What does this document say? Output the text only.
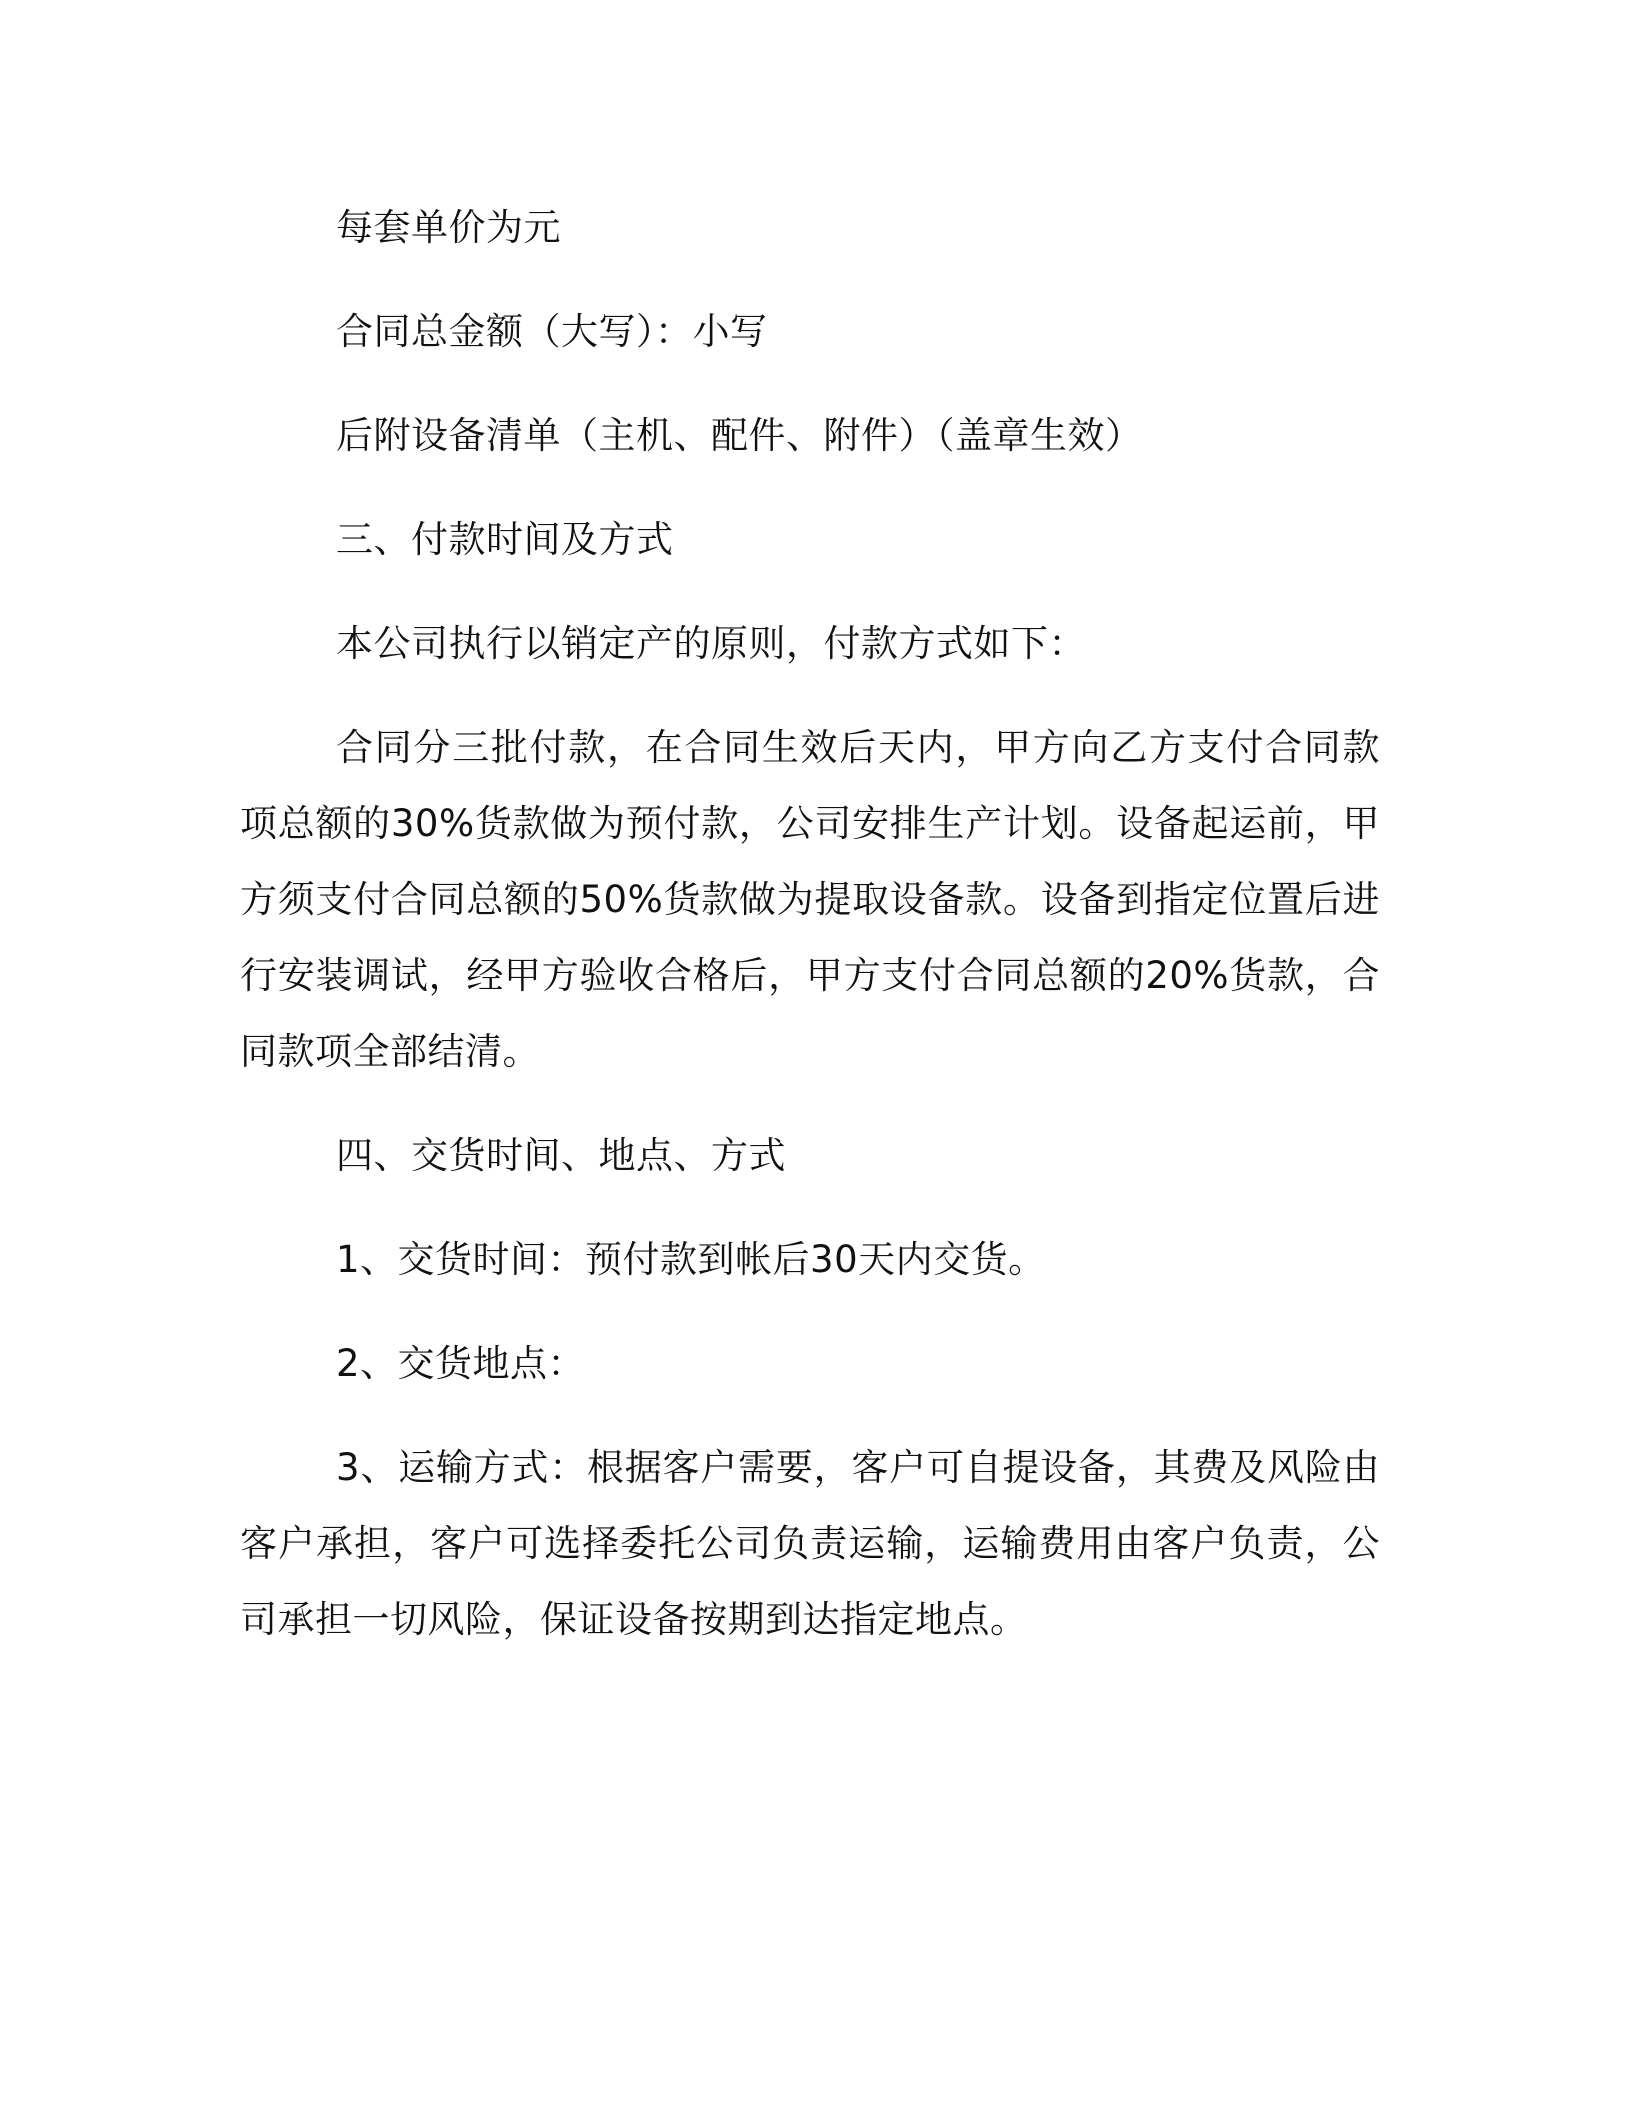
每套单价为元

合同总金额（大写）：小写

后附设备清单（主机、配件、附件）（盖章生效）

三、付款时间及方式

本公司执行以销定产的原则，付款方式如下：

合同分三批付款，在合同生效后天内，甲方向乙方支付合同款项总额的30%货款做为预付款，公司安排生产计划。设备起运前，甲方须支付合同总额的50%货款做为提取设备款。设备到指定位置后进行安装调试，经甲方验收合格后，甲方支付合同总额的20%货款，合同款项全部结清。

四、交货时间、地点、方式

1、交货时间：预付款到帐后30天内交货。

2、交货地点：

3、运输方式：根据客户需要，客户可自提设备，其费及风险由客户承担，客户可选择委托公司负责运输，运输费用由客户负责，公司承担一切风险，保证设备按期到达指定地点。
